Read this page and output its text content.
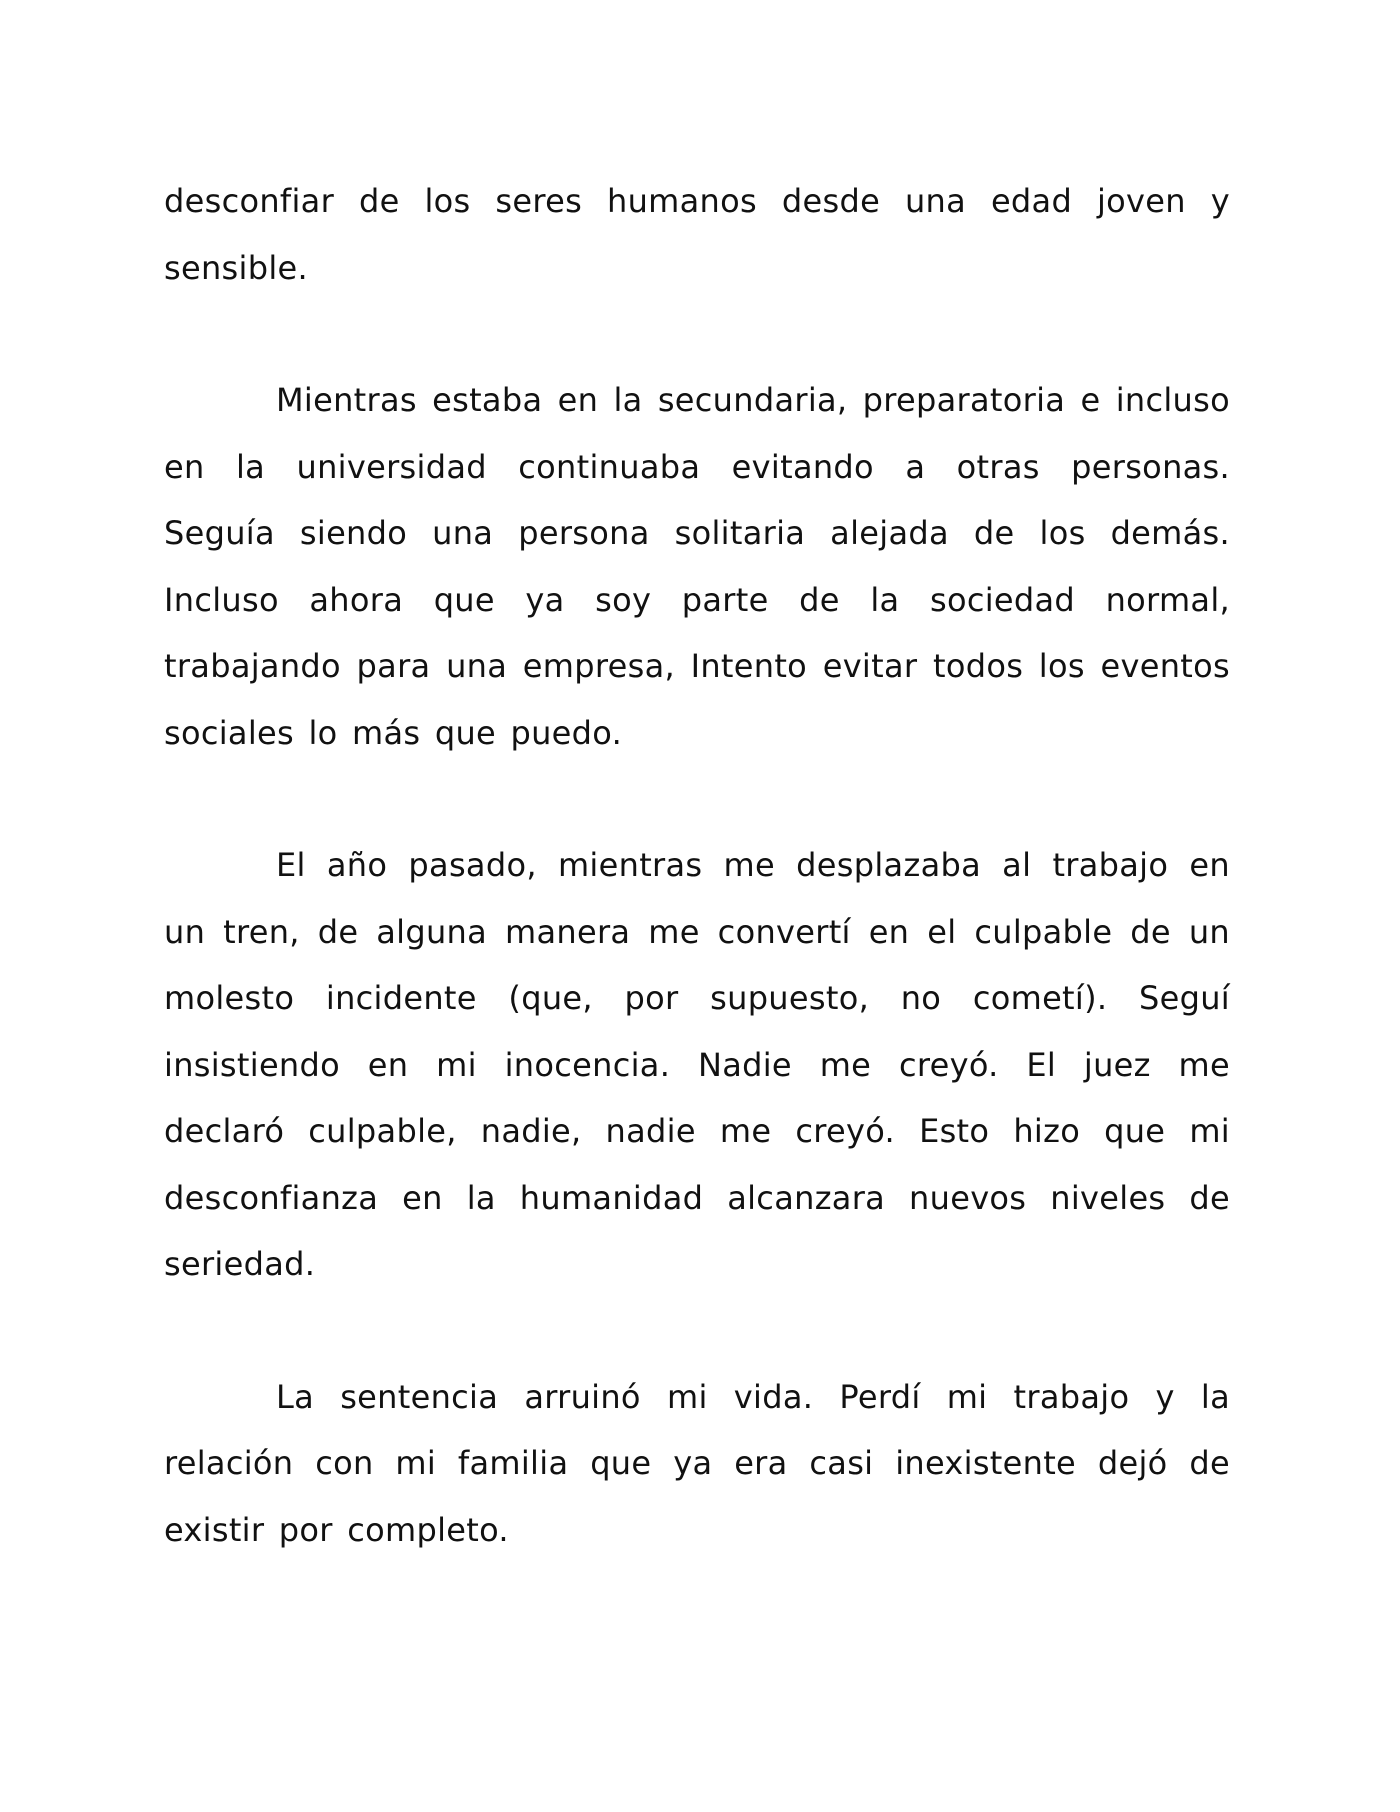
desconfiar de los seres humanos desde una edad joven y sensible.

Mientras estaba en la secundaria, preparatoria e incluso en la universidad continuaba evitando a otras personas. Seguía siendo una persona solitaria alejada de los demás. Incluso ahora que ya soy parte de la sociedad normal, trabajando para una empresa, Intento evitar todos los eventos sociales lo más que puedo.

El año pasado, mientras me desplazaba al trabajo en un tren, de alguna manera me convertí en el culpable de un molesto incidente (que, por supuesto, no cometí). Seguí insistiendo en mi inocencia. Nadie me creyó. El juez me declaró culpable, nadie, nadie me creyó. Esto hizo que mi desconfianza en la humanidad alcanzara nuevos niveles de seriedad.

La sentencia arruinó mi vida. Perdí mi trabajo y la relación con mi familia que ya era casi inexistente dejó de existir por completo.
